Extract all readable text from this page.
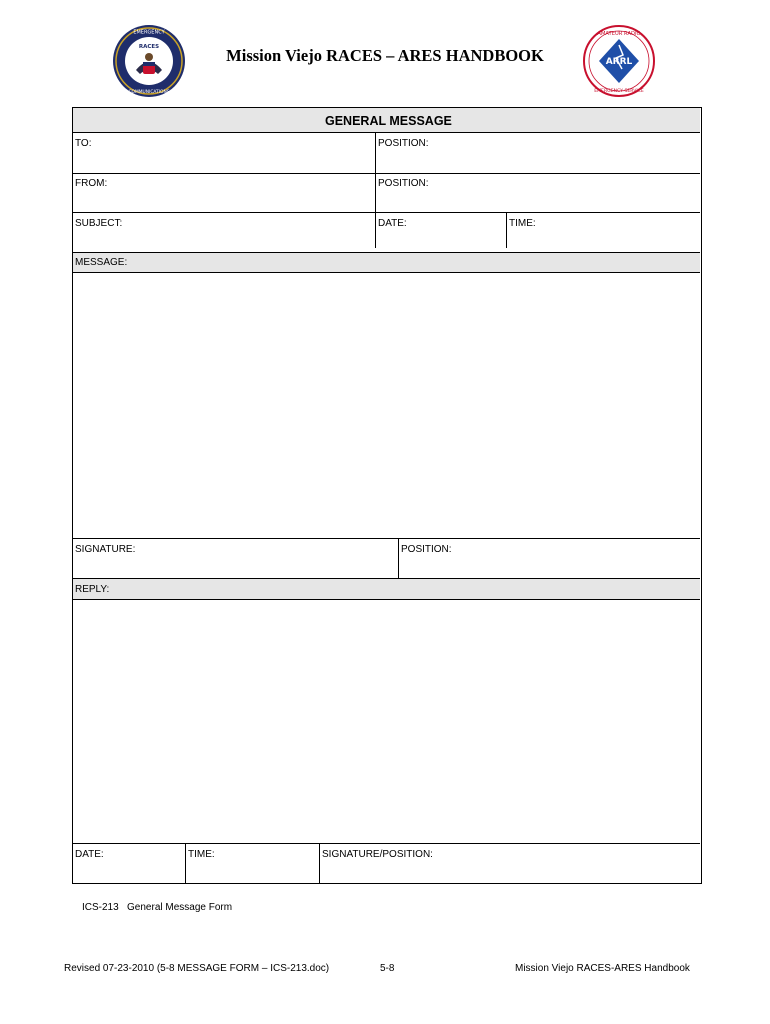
RACES
EMERGENCY
COMMUNICATIONS
Mission Viejo RACES – ARES HANDBOOK	ARRL
AMATEUR RADIO
EMERGENCY SERVICE
GENERAL MESSAGE
TO:	POSITION:
FROM:	POSITION:
SUBJECT:	DATE:	TIME:
MESSAGE:
SIGNATURE:	POSITION:
REPLY:
DATE:	TIME:	SIGNATURE/POSITION:
ICS-213   General Message Form
Revised 07-23-2010 (5-8 MESSAGE FORM – ICS-213.doc)	5-8	Mission Viejo RACES-ARES Handbook
